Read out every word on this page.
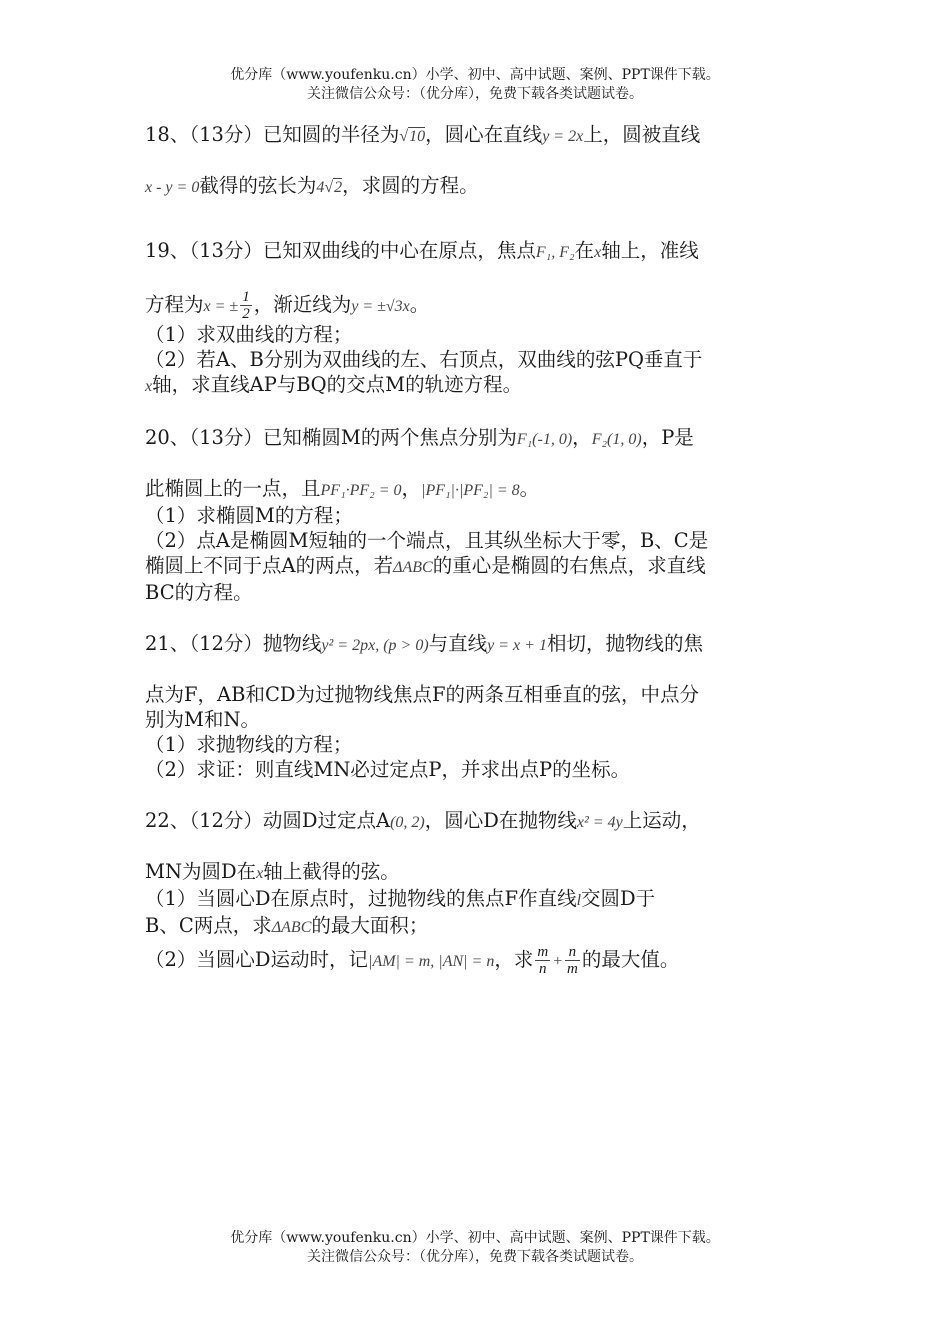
优分库（www.youfenku.cn）小学、初中、高中试题、案例、PPT课件下载。
关注微信公众号：（优分库），免费下载各类试题试卷。
18、（13分）已知圆的半径为√10，圆心在直线y = 2x上，圆被直线
x - y = 0截得的弦长为4√2，求圆的方程。
19、（13分）已知双曲线的中心在原点，焦点F₁, F₂在x轴上，准线
方程为x = ± $\frac{1}{2}$ ，渐近线为y = ±√3x。
（1）求双曲线的方程；
（2）若A、B分别为双曲线的左、右顶点，双曲线的弦PQ垂直于
x轴，求直线AP与BQ的交点M的轨迹方程。
20、（13分）已知椭圆M的两个焦点分别为F₁(-1, 0)，F₂(1, 0)，P是
此椭圆上的一点，且PF₁·PF₂ = 0，|PF₁|·|PF₂| = 8。
（1）求椭圆M的方程；
（2）点A是椭圆M短轴的一个端点，且其纵坐标大于零，B、C是
椭圆上不同于点A的两点，若ΔABC的重心是椭圆的右焦点，求直线
BC的方程。
21、（12分）抛物线y² = 2px, (p > 0)与直线y = x + 1相切，抛物线的焦
点为F，AB和CD为过抛物线焦点F的两条互相垂直的弦，中点分
别为M和N。
（1）求抛物线的方程；
（2）求证：则直线MN必过定点P，并求出点P的坐标。
22、（12分）动圆D过定点A(0, 2)，圆心D在抛物线x² = 4y上运动，
MN为圆D在x轴上截得的弦。
（1）当圆心D在原点时，过抛物线的焦点F作直线l交圆D于
B、C两点，求ΔABC的最大面积；
（2）当圆心D运动时，记|AM| = m, |AN| = n，求 $\frac{m}{n} + \frac{n}{m}$ 的最大值。
优分库（www.youfenku.cn）小学、初中、高中试题、案例、PPT课件下载。
关注微信公众号：（优分库），免费下载各类试题试卷。
